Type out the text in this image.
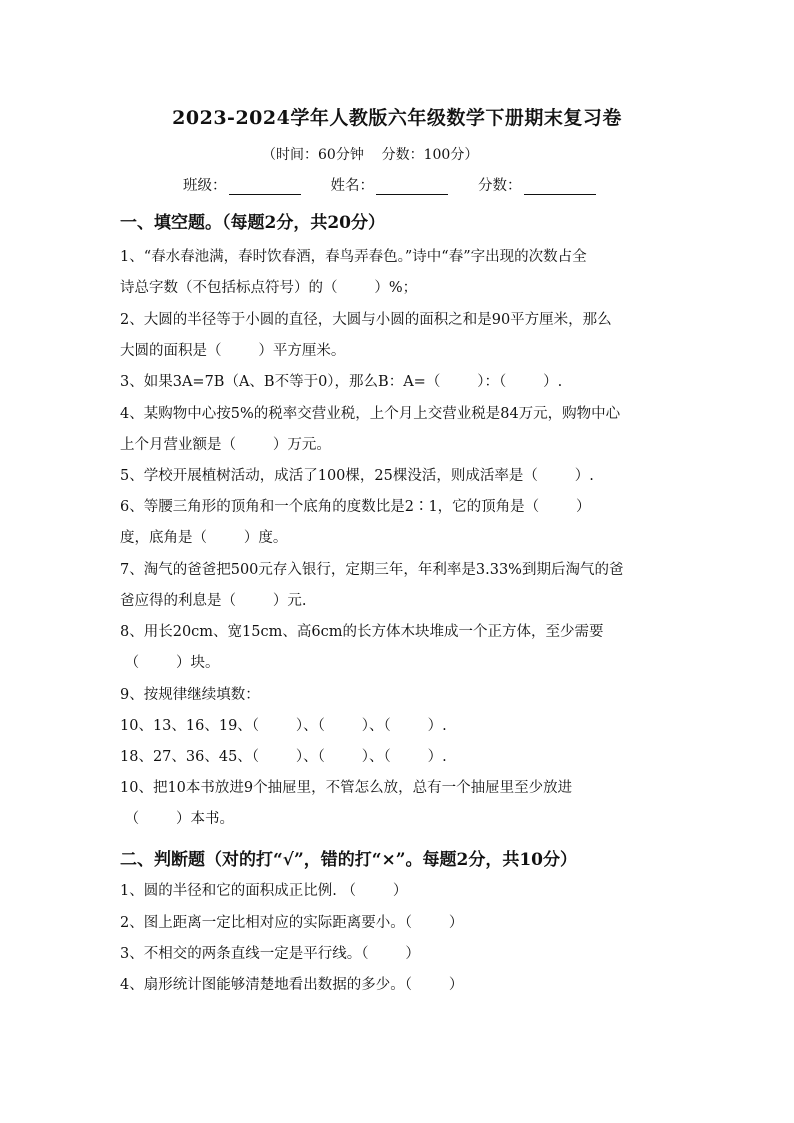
2023-2024学年人教版六年级数学下册期末复习卷
（时间：60分钟    分数：100分）
班级：	姓名：	分数：
一、填空题。（每题2分，共20分）
1、“春水春池满，春时饮春酒，春鸟弄春色。”诗中“春”字出现的次数占全
诗总字数（不包括标点符号）的（        ）%；
2、大圆的半径等于小圆的直径，大圆与小圆的面积之和是90平方厘米，那么
大圆的面积是（        ）平方厘米。
3、如果3A=7B（A、B不等于0），那么B：A=（        ）：（        ）.
4、某购物中心按5%的税率交营业税，上个月上交营业税是84万元，购物中心
上个月营业额是（        ）万元。
5、学校开展植树活动，成活了100棵，25棵没活，则成活率是（        ）.
6、等腰三角形的顶角和一个底角的度数比是2∶1，它的顶角是（        ）
度，底角是（        ）度。
7、淘气的爸爸把500元存入银行，定期三年，年利率是3.33%到期后淘气的爸
爸应得的利息是（        ）元.
8、用长20cm、宽15cm、高6cm的长方体木块堆成一个正方体，至少需要
（        ）块。
9、按规律继续填数：
10、13、16、19、（        ）、（        ）、（        ）.
18、27、36、45、（        ）、（        ）、（        ）.
10、把10本书放进9个抽屉里，不管怎么放，总有一个抽屉里至少放进
（        ）本书。
二、判断题（对的打“√”，错的打“×”。每题2分，共10分）
1、圆的半径和它的面积成正比例. （        ）
2、图上距离一定比相对应的实际距离要小。（        ）
3、不相交的两条直线一定是平行线。（        ）
4、扇形统计图能够清楚地看出数据的多少。（        ）
